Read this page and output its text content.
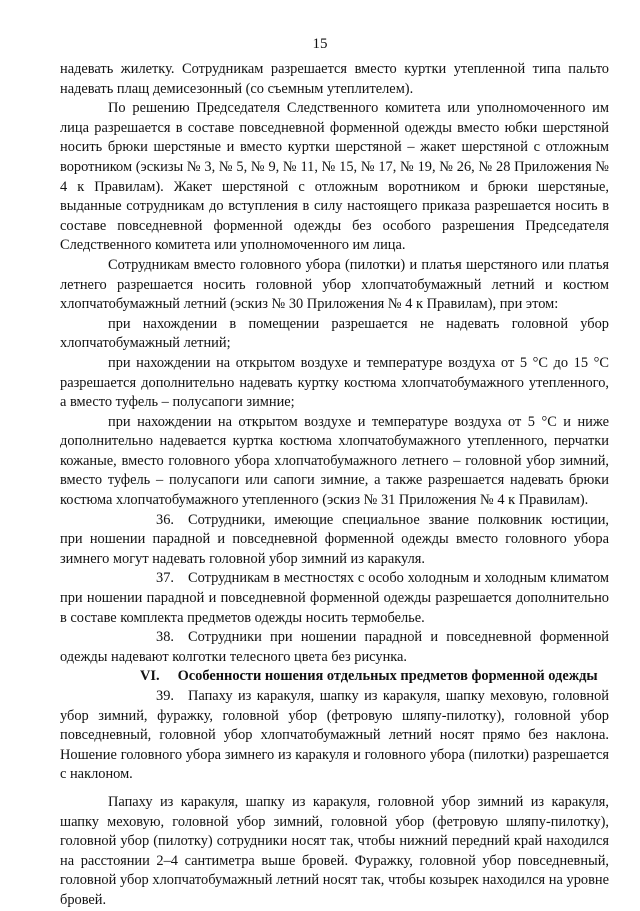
15

надевать жилетку. Сотрудникам разрешается вместо куртки утепленной типа пальто надевать плащ демисезонный (со съемным утеплителем).

По решению Председателя Следственного комитета или уполномоченного им лица разрешается в составе повседневной форменной одежды вместо юбки шерстяной носить брюки шерстяные и вместо куртки шерстяной – жакет шерстяной с отложным воротником (эскизы № 3, № 5, № 9, № 11, № 15, № 17, № 19, № 26, № 28 Приложения № 4 к Правилам). Жакет шерстяной с отложным воротником и брюки шерстяные, выданные сотрудникам до вступления в силу настоящего приказа разрешается носить в составе повседневной форменной одежды без особого разрешения Председателя Следственного комитета или уполномоченного им лица.

Сотрудникам вместо головного убора (пилотки) и платья шерстяного или платья летнего разрешается носить головной убор хлопчатобумажный летний и костюм хлопчатобумажный летний (эскиз № 30 Приложения № 4 к Правилам), при этом:

при нахождении в помещении разрешается не надевать головной убор хлопчатобумажный летний;

при нахождении на открытом воздухе и температуре воздуха от 5 °С до 15 °С разрешается дополнительно надевать куртку костюма хлопчатобумажного утепленного, а вместо туфель – полусапоги зимние;

при нахождении на открытом воздухе и температуре воздуха от 5 °С и ниже дополнительно надевается куртка костюма хлопчатобумажного утепленного, перчатки кожаные, вместо головного убора хлопчатобумажного летнего – головной убор зимний, вместо туфель – полусапоги или сапоги зимние, а также разрешается надевать брюки костюма хлопчатобумажного утепленного (эскиз № 31 Приложения № 4 к Правилам).

36. Сотрудники, имеющие специальное звание полковник юстиции, при ношении парадной и повседневной форменной одежды вместо головного убора зимнего могут надевать головной убор зимний из каракуля.

37. Сотрудникам в местностях с особо холодным и холодным климатом при ношении парадной и повседневной форменной одежды разрешается дополнительно в составе комплекта предметов одежды носить термобелье.

38. Сотрудники при ношении парадной и повседневной форменной одежды надевают колготки телесного цвета без рисунка.

VI. Особенности ношения отдельных предметов форменной одежды

39. Папаху из каракуля, шапку из каракуля, шапку меховую, головной убор зимний, фуражку, головной убор (фетровую шляпу-пилотку), головной убор повседневный, головной убор хлопчатобумажный летний носят прямо без наклона. Ношение головного убора зимнего из каракуля и головного убора (пилотки) разрешается с наклоном.

Папаху из каракуля, шапку из каракуля, головной убор зимний из каракуля, шапку меховую, головной убор зимний, головной убор (фетровую шляпу-пилотку), головной убор (пилотку) сотрудники носят так, чтобы нижний передний край находился на расстоянии 2–4 сантиметра выше бровей. Фуражку, головной убор повседневный, головной убор хлопчатобумажный летний носят так, чтобы козырек находился на уровне бровей.
